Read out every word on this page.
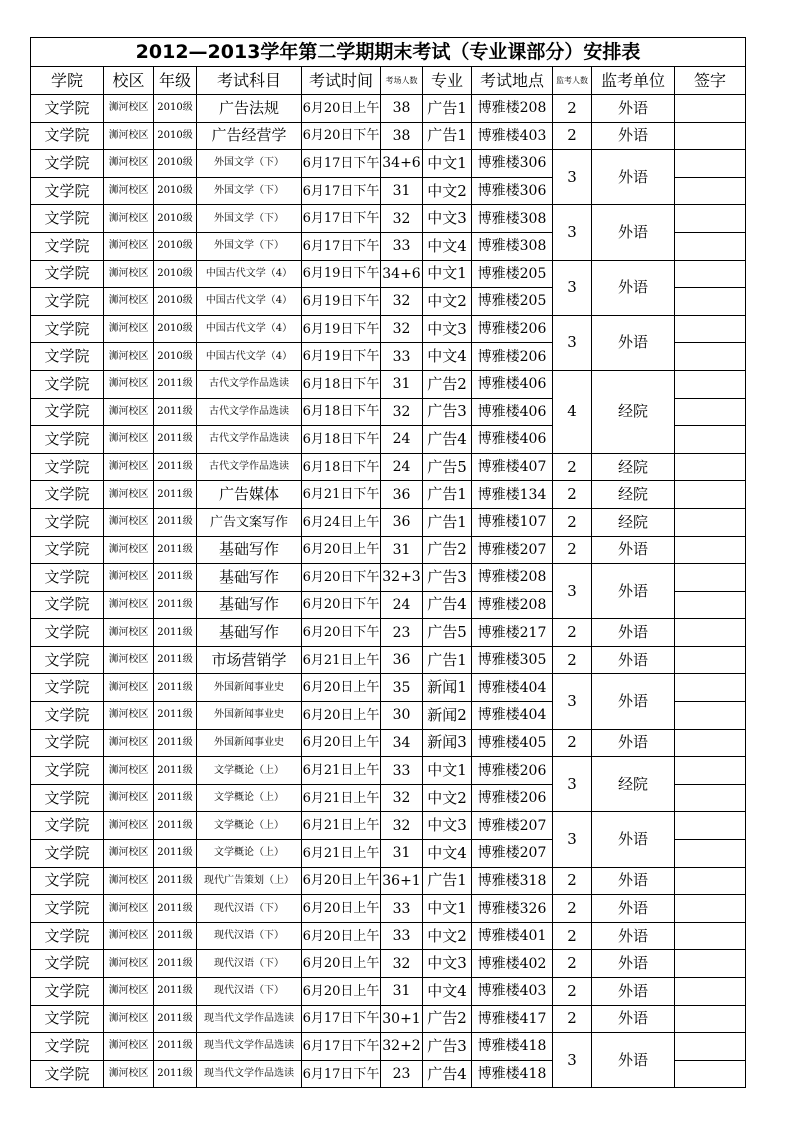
2012—2013学年第二学期期末考试（专业课部分）安排表										
学院	校区	年级	考试科目	考试时间	考场人数	专业	考试地点	监考人数	监考单位	签字
文学院	浉河校区	2010级	广告法规	6月20日上午	38	广告1	博雅楼208	2	外语	
文学院	浉河校区	2010级	广告经营学	6月20日下午	38	广告1	博雅楼403	2	外语	
文学院	浉河校区	2010级	外国文学（下）	6月17日下午	34+6	中文1	博雅楼306	3	外语	
文学院	浉河校区	2010级	外国文学（下）	6月17日下午	31	中文2	博雅楼306			
文学院	浉河校区	2010级	外国文学（下）	6月17日下午	32	中文3	博雅楼308	3	外语	
文学院	浉河校区	2010级	外国文学（下）	6月17日下午	33	中文4	博雅楼308			
文学院	浉河校区	2010级	中国古代文学（4）	6月19日下午	34+6	中文1	博雅楼205	3	外语	
文学院	浉河校区	2010级	中国古代文学（4）	6月19日下午	32	中文2	博雅楼205			
文学院	浉河校区	2010级	中国古代文学（4）	6月19日下午	32	中文3	博雅楼206	3	外语	
文学院	浉河校区	2010级	中国古代文学（4）	6月19日下午	33	中文4	博雅楼206			
文学院	浉河校区	2011级	古代文学作品选读	6月18日下午	31	广告2	博雅楼406	4	经院	
文学院	浉河校区	2011级	古代文学作品选读	6月18日下午	32	广告3	博雅楼406			
文学院	浉河校区	2011级	古代文学作品选读	6月18日下午	24	广告4	博雅楼406			
文学院	浉河校区	2011级	古代文学作品选读	6月18日下午	24	广告5	博雅楼407	2	经院	
文学院	浉河校区	2011级	广告媒体	6月21日下午	36	广告1	博雅楼134	2	经院	
文学院	浉河校区	2011级	广告文案写作	6月24日上午	36	广告1	博雅楼107	2	经院	
文学院	浉河校区	2011级	基础写作	6月20日上午	31	广告2	博雅楼207	2	外语	
文学院	浉河校区	2011级	基础写作	6月20日下午	32+3	广告3	博雅楼208	3	外语	
文学院	浉河校区	2011级	基础写作	6月20日下午	24	广告4	博雅楼208			
文学院	浉河校区	2011级	基础写作	6月20日下午	23	广告5	博雅楼217	2	外语	
文学院	浉河校区	2011级	市场营销学	6月21日上午	36	广告1	博雅楼305	2	外语	
文学院	浉河校区	2011级	外国新闻事业史	6月20日上午	35	新闻1	博雅楼404	3	外语	
文学院	浉河校区	2011级	外国新闻事业史	6月20日上午	30	新闻2	博雅楼404			
文学院	浉河校区	2011级	外国新闻事业史	6月20日上午	34	新闻3	博雅楼405	2	外语	
文学院	浉河校区	2011级	文学概论（上）	6月21日上午	33	中文1	博雅楼206	3	经院	
文学院	浉河校区	2011级	文学概论（上）	6月21日上午	32	中文2	博雅楼206			
文学院	浉河校区	2011级	文学概论（上）	6月21日上午	32	中文3	博雅楼207	3	外语	
文学院	浉河校区	2011级	文学概论（上）	6月21日上午	31	中文4	博雅楼207			
文学院	浉河校区	2011级	现代广告策划（上）	6月20日上午	36+1	广告1	博雅楼318	2	外语	
文学院	浉河校区	2011级	现代汉语（下）	6月20日上午	33	中文1	博雅楼326	2	外语	
文学院	浉河校区	2011级	现代汉语（下）	6月20日上午	33	中文2	博雅楼401	2	外语	
文学院	浉河校区	2011级	现代汉语（下）	6月20日上午	32	中文3	博雅楼402	2	外语	
文学院	浉河校区	2011级	现代汉语（下）	6月20日上午	31	中文4	博雅楼403	2	外语	
文学院	浉河校区	2011级	现当代文学作品选读	6月17日下午	30+1	广告2	博雅楼417	2	外语	
文学院	浉河校区	2011级	现当代文学作品选读	6月17日下午	32+2	广告3	博雅楼418	3	外语	
文学院	浉河校区	2011级	现当代文学作品选读	6月17日下午	23	广告4	博雅楼418			
